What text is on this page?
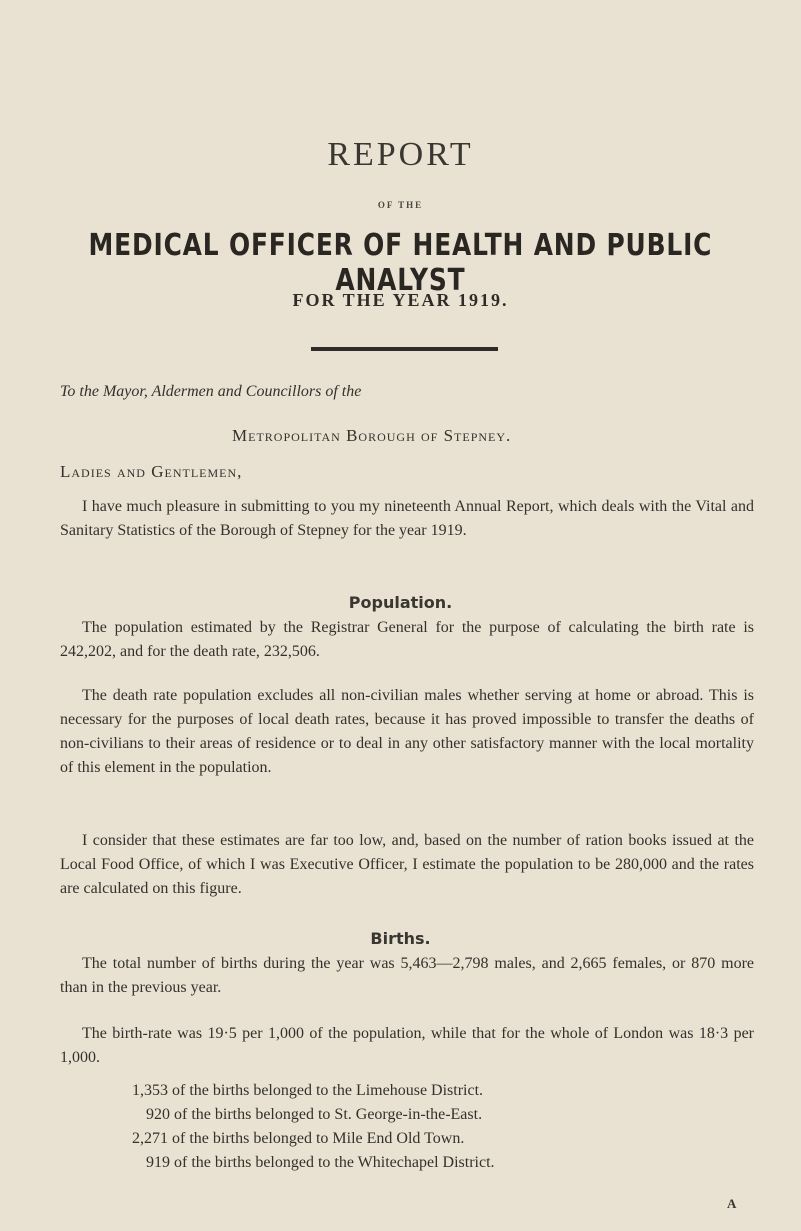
REPORT
OF THE
MEDICAL OFFICER OF HEALTH AND PUBLIC ANALYST
FOR THE YEAR 1919.

To the Mayor, Aldermen and Councillors of the

Metropolitan Borough of Stepney.

Ladies and Gentlemen,

I have much pleasure in submitting to you my nineteenth Annual Report, which deals with the Vital and Sanitary Statistics of the Borough of Stepney for the year 1919.

Population.

The population estimated by the Registrar General for the purpose of calculating the birth rate is 242,202, and for the death rate, 232,506.

The death rate population excludes all non-civilian males whether serving at home or abroad. This is necessary for the purposes of local death rates, because it has proved impossible to transfer the deaths of non-civilians to their areas of residence or to deal in any other satisfactory manner with the local mortality of this element in the population.

I consider that these estimates are far too low, and, based on the number of ration books issued at the Local Food Office, of which I was Executive Officer, I estimate the population to be 280,000 and the rates are calculated on this figure.

Births.

The total number of births during the year was 5,463—2,798 males, and 2,665 females, or 870 more than in the previous year.

The birth-rate was 19·5 per 1,000 of the population, while that for the whole of London was 18·3 per 1,000.

1,353 of the births belonged to the Limehouse District.

920 of the births belonged to St. George-in-the-East.

2,271 of the births belonged to Mile End Old Town.

919 of the births belonged to the Whitechapel District.

A
